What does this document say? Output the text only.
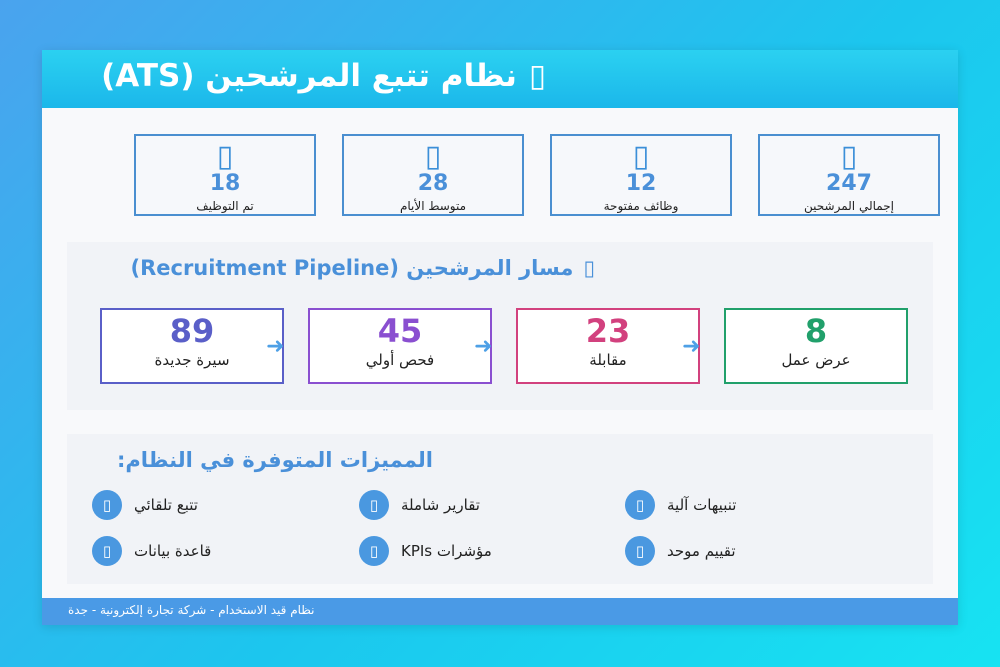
▯نظام تتبع المرشحين (ATS)
▯
247
إجمالي المرشحين
▯
12
وظائف مفتوحة
▯
28
متوسط الأيام
▯
18
تم التوظيف
▯مسار المرشحين (Recruitment Pipeline)
89
سيرة جديدة
➜	45
فحص أولي
➜	23
مقابلة
➜	8
عرض عمل
المميزات المتوفرة في النظام:
▯	تتبع تلقائي	▯	تقارير شاملة	▯	تنبيهات آلية
▯	قاعدة بيانات	▯	مؤشرات KPIs	▯	تقييم موحد
نظام قيد الاستخدام - شركة تجارة إلكترونية - جدة
